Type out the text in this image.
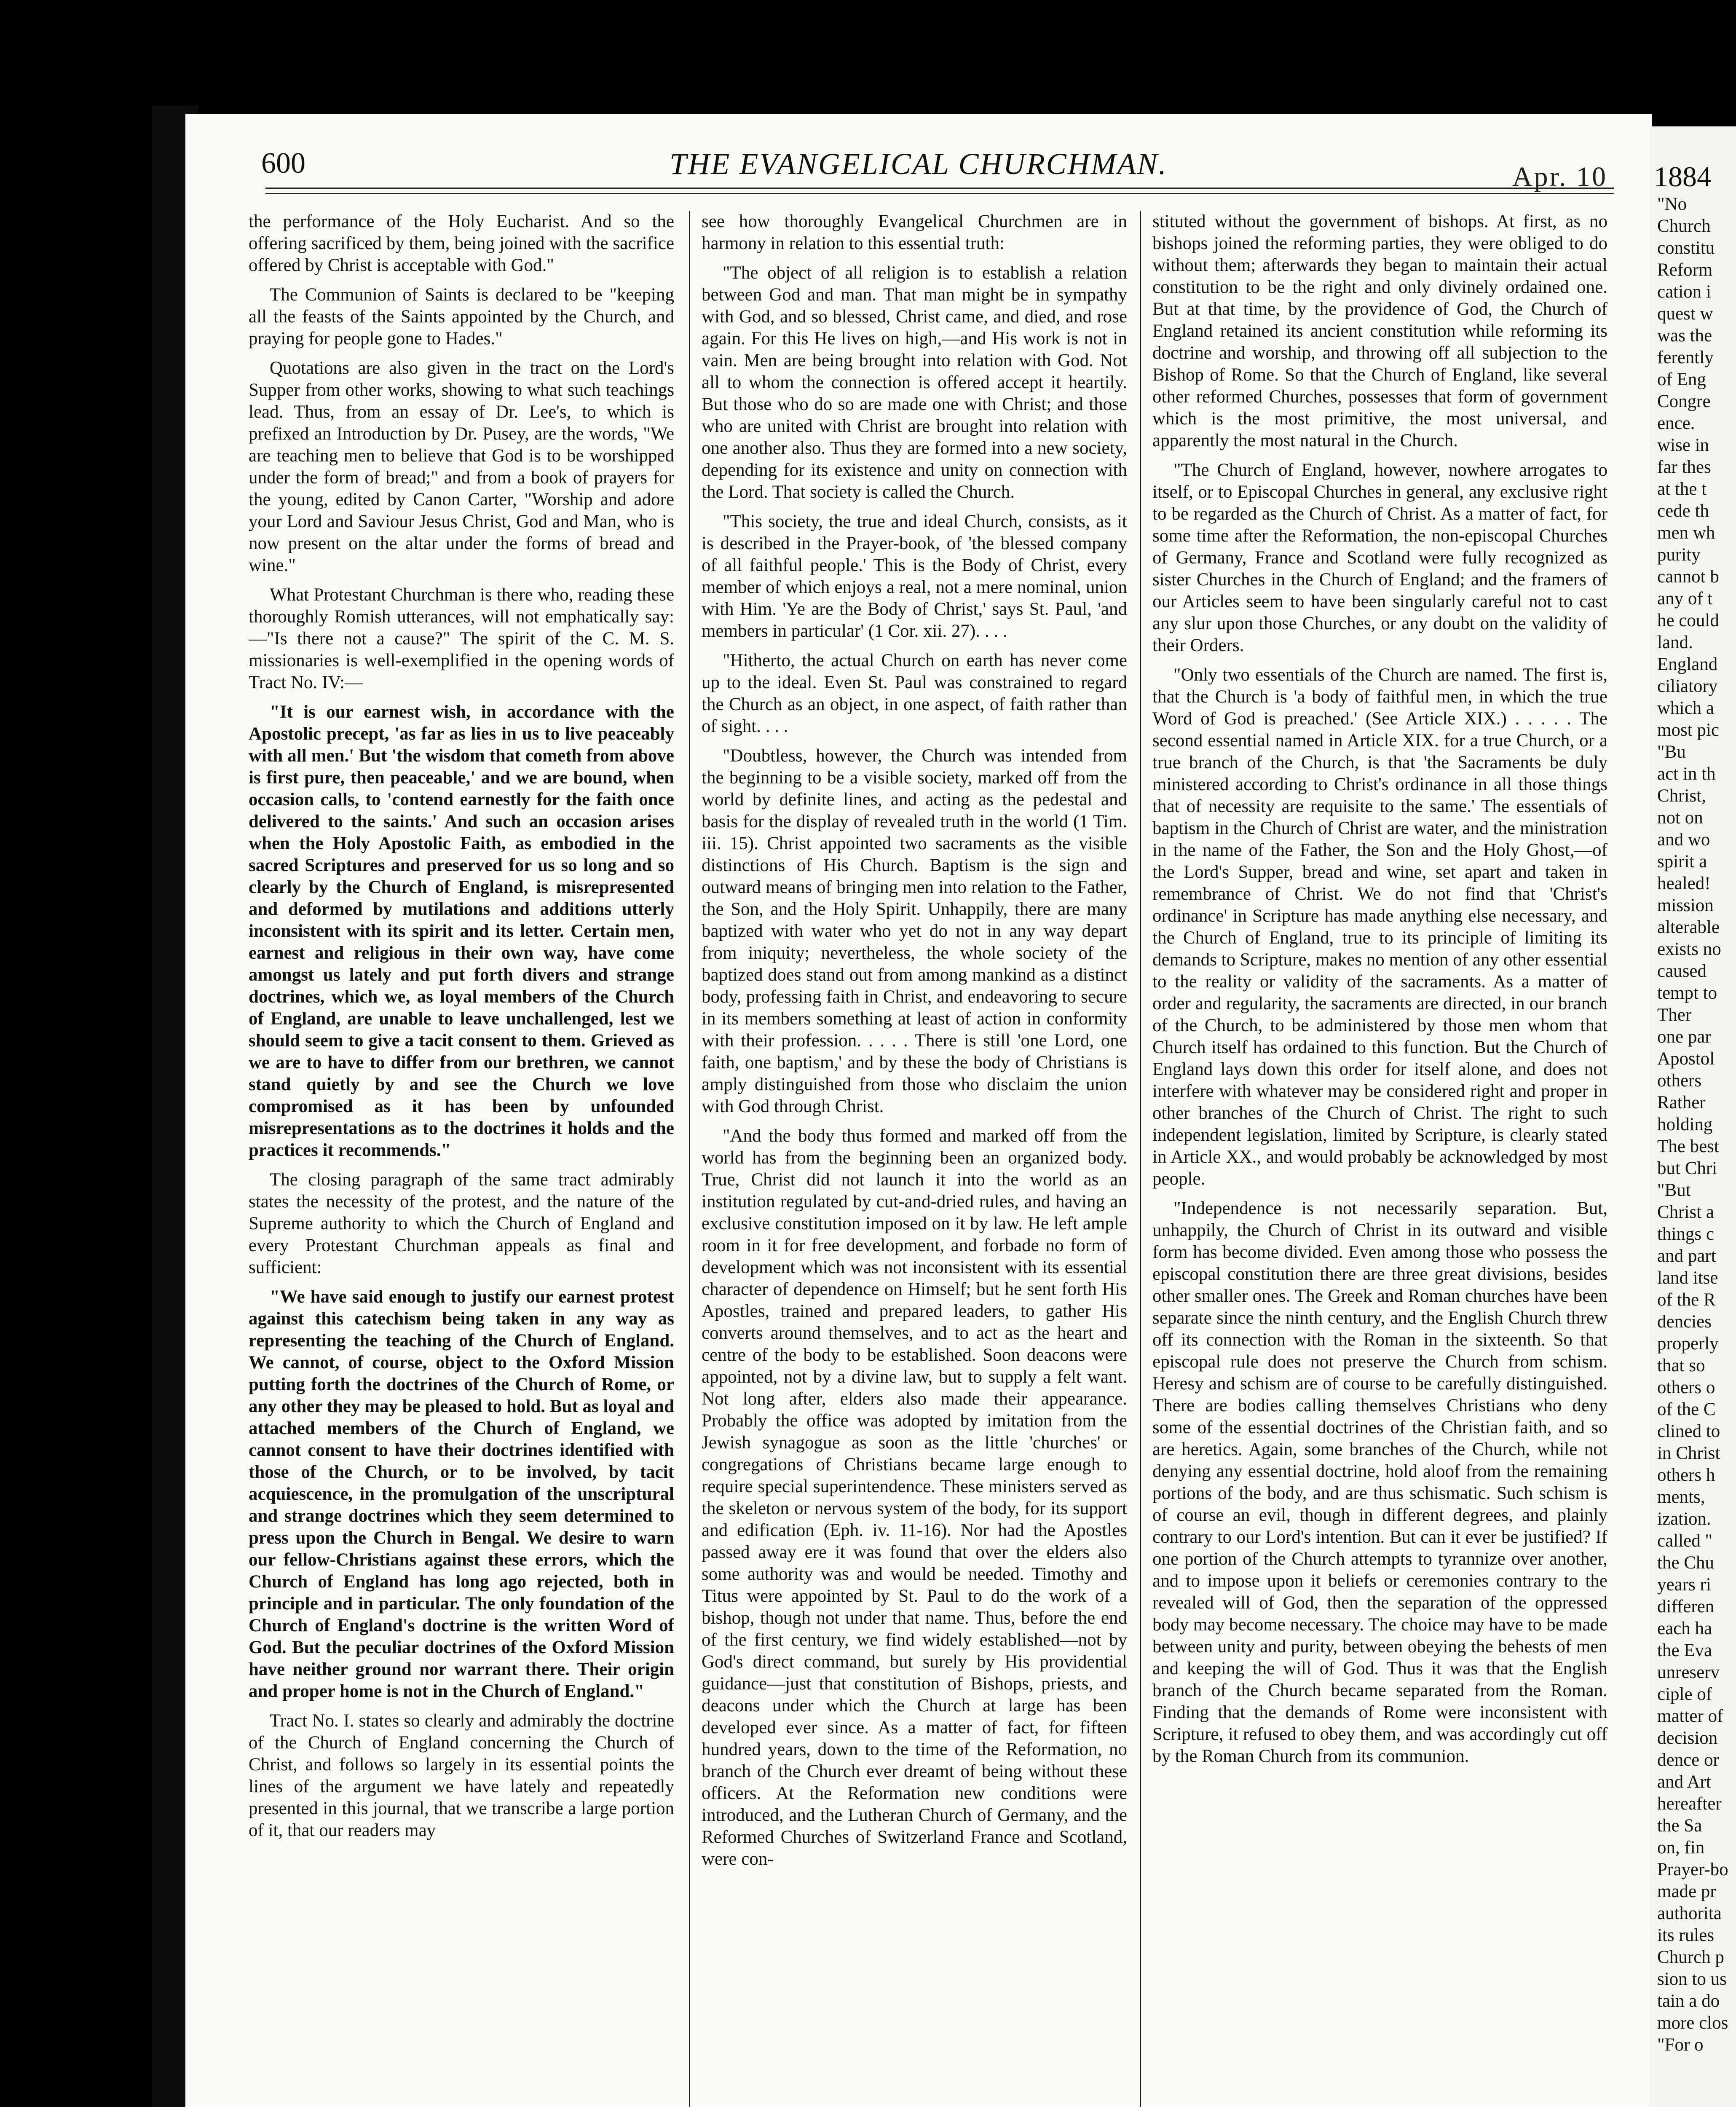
600	THE EVANGELICAL CHURCHMAN.	Apr. 10

the performance of the Holy Eucharist. And so the offering sacrificed by them, being joined with the sacrifice offered by Christ is acceptable with God."

The Communion of Saints is declared to be "keeping all the feasts of the Saints appointed by the Church, and praying for people gone to Hades."

Quotations are also given in the tract on the Lord's Supper from other works, showing to what such teachings lead. Thus, from an essay of Dr. Lee's, to which is prefixed an Introduction by Dr. Pusey, are the words, "We are teaching men to believe that God is to be worshipped under the form of bread;" and from a book of prayers for the young, edited by Canon Carter, "Worship and adore your Lord and Saviour Jesus Christ, God and Man, who is now present on the altar under the forms of bread and wine."

What Protestant Churchman is there who, reading these thoroughly Romish utterances, will not emphatically say:—"Is there not a cause?" The spirit of the C. M. S. missionaries is well-exemplified in the opening words of Tract No. IV:—

"It is our earnest wish, in accordance with the Apostolic precept, 'as far as lies in us to live peaceably with all men.' But 'the wisdom that cometh from above is first pure, then peaceable,' and we are bound, when occasion calls, to 'contend earnestly for the faith once delivered to the saints.' And such an occasion arises when the Holy Apostolic Faith, as embodied in the sacred Scriptures and preserved for us so long and so clearly by the Church of England, is misrepresented and deformed by mutilations and additions utterly inconsistent with its spirit and its letter. Certain men, earnest and religious in their own way, have come amongst us lately and put forth divers and strange doctrines, which we, as loyal members of the Church of England, are unable to leave unchallenged, lest we should seem to give a tacit consent to them. Grieved as we are to have to differ from our brethren, we cannot stand quietly by and see the Church we love compromised as it has been by unfounded misrepresentations as to the doctrines it holds and the practices it recommends."

The closing paragraph of the same tract admirably states the necessity of the protest, and the nature of the Supreme authority to which the Church of England and every Protestant Churchman appeals as final and sufficient:

"We have said enough to justify our earnest protest against this catechism being taken in any way as representing the teaching of the Church of England. We cannot, of course, object to the Oxford Mission putting forth the doctrines of the Church of Rome, or any other they may be pleased to hold. But as loyal and attached members of the Church of England, we cannot consent to have their doctrines identified with those of the Church, or to be involved, by tacit acquiescence, in the promulgation of the unscriptural and strange doctrines which they seem determined to press upon the Church in Bengal. We desire to warn our fellow-Christians against these errors, which the Church of England has long ago rejected, both in principle and in particular. The only foundation of the Church of England's doctrine is the written Word of God. But the peculiar doctrines of the Oxford Mission have neither ground nor warrant there. Their origin and proper home is not in the Church of England."

Tract No. I. states so clearly and admirably the doctrine of the Church of England concerning the Church of Christ, and follows so largely in its essential points the lines of the argument we have lately and repeatedly presented in this journal, that we transcribe a large portion of it, that our readers may

see how thoroughly Evangelical Churchmen are in harmony in relation to this essential truth:

"The object of all religion is to establish a relation between God and man. That man might be in sympathy with God, and so blessed, Christ came, and died, and rose again. For this He lives on high,—and His work is not in vain. Men are being brought into relation with God. Not all to whom the connection is offered accept it heartily. But those who do so are made one with Christ; and those who are united with Christ are brought into relation with one another also. Thus they are formed into a new society, depending for its existence and unity on connection with the Lord. That society is called the Church.

"This society, the true and ideal Church, consists, as it is described in the Prayer-book, of 'the blessed company of all faithful people.' This is the Body of Christ, every member of which enjoys a real, not a mere nominal, union with Him. 'Ye are the Body of Christ,' says St. Paul, 'and members in particular' (1 Cor. xii. 27). . . .

"Hitherto, the actual Church on earth has never come up to the ideal. Even St. Paul was constrained to regard the Church as an object, in one aspect, of faith rather than of sight. . . .

"Doubtless, however, the Church was intended from the beginning to be a visible society, marked off from the world by definite lines, and acting as the pedestal and basis for the display of revealed truth in the world (1 Tim. iii. 15). Christ appointed two sacraments as the visible distinctions of His Church. Baptism is the sign and outward means of bringing men into relation to the Father, the Son, and the Holy Spirit. Unhappily, there are many baptized with water who yet do not in any way depart from iniquity; nevertheless, the whole society of the baptized does stand out from among mankind as a distinct body, professing faith in Christ, and endeavoring to secure in its members something at least of action in conformity with their profession. . . . . There is still 'one Lord, one faith, one baptism,' and by these the body of Christians is amply distinguished from those who disclaim the union with God through Christ.

"And the body thus formed and marked off from the world has from the beginning been an organized body. True, Christ did not launch it into the world as an institution regulated by cut-and-dried rules, and having an exclusive constitution imposed on it by law. He left ample room in it for free development, and forbade no form of development which was not inconsistent with its essential character of dependence on Himself; but he sent forth His Apostles, trained and prepared leaders, to gather His converts around themselves, and to act as the heart and centre of the body to be established. Soon deacons were appointed, not by a divine law, but to supply a felt want. Not long after, elders also made their appearance. Probably the office was adopted by imitation from the Jewish synagogue as soon as the little 'churches' or congregations of Christians became large enough to require special superintendence. These ministers served as the skeleton or nervous system of the body, for its support and edification (Eph. iv. 11-16). Nor had the Apostles passed away ere it was found that over the elders also some authority was and would be needed. Timothy and Titus were appointed by St. Paul to do the work of a bishop, though not under that name. Thus, before the end of the first century, we find widely established—not by God's direct command, but surely by His providential guidance—just that constitution of Bishops, priests, and deacons under which the Church at large has been developed ever since. As a matter of fact, for fifteen hundred years, down to the time of the Reformation, no branch of the Church ever dreamt of being without these officers. At the Reformation new conditions were introduced, and the Lutheran Church of Germany, and the Reformed Churches of Switzerland France and Scotland, were con-

stituted without the government of bishops. At first, as no bishops joined the reforming parties, they were obliged to do without them; afterwards they began to maintain their actual constitution to be the right and only divinely ordained one. But at that time, by the providence of God, the Church of England retained its ancient constitution while reforming its doctrine and worship, and throwing off all subjection to the Bishop of Rome. So that the Church of England, like several other reformed Churches, possesses that form of government which is the most primitive, the most universal, and apparently the most natural in the Church.

"The Church of England, however, nowhere arrogates to itself, or to Episcopal Churches in general, any exclusive right to be regarded as the Church of Christ. As a matter of fact, for some time after the Reformation, the non-episcopal Churches of Germany, France and Scotland were fully recognized as sister Churches in the Church of England; and the framers of our Articles seem to have been singularly careful not to cast any slur upon those Churches, or any doubt on the validity of their Orders.

"Only two essentials of the Church are named. The first is, that the Church is 'a body of faithful men, in which the true Word of God is preached.' (See Article XIX.) . . . . . The second essential named in Article XIX. for a true Church, or a true branch of the Church, is that 'the Sacraments be duly ministered according to Christ's ordinance in all those things that of necessity are requisite to the same.' The essentials of baptism in the Church of Christ are water, and the ministration in the name of the Father, the Son and the Holy Ghost,—of the Lord's Supper, bread and wine, set apart and taken in remembrance of Christ. We do not find that 'Christ's ordinance' in Scripture has made anything else necessary, and the Church of England, true to its principle of limiting its demands to Scripture, makes no mention of any other essential to the reality or validity of the sacraments. As a matter of order and regularity, the sacraments are directed, in our branch of the Church, to be administered by those men whom that Church itself has ordained to this function. But the Church of England lays down this order for itself alone, and does not interfere with whatever may be considered right and proper in other branches of the Church of Christ. The right to such independent legislation, limited by Scripture, is clearly stated in Article XX., and would probably be acknowledged by most people.

"Independence is not necessarily separation. But, unhappily, the Church of Christ in its outward and visible form has become divided. Even among those who possess the episcopal constitution there are three great divisions, besides other smaller ones. The Greek and Roman churches have been separate since the ninth century, and the English Church threw off its connection with the Roman in the sixteenth. So that episcopal rule does not preserve the Church from schism. Heresy and schism are of course to be carefully distinguished. There are bodies calling themselves Christians who deny some of the essential doctrines of the Christian faith, and so are heretics. Again, some branches of the Church, while not denying any essential doctrine, hold aloof from the remaining portions of the body, and are thus schismatic. Such schism is of course an evil, though in different degrees, and plainly contrary to our Lord's intention. But can it ever be justified? If one portion of the Church attempts to tyrannize over another, and to impose upon it beliefs or ceremonies contrary to the revealed will of God, then the separation of the oppressed body may become necessary. The choice may have to be made between unity and purity, between obeying the behests of men and keeping the will of God. Thus it was that the English branch of the Church became separated from the Roman. Finding that the demands of Rome were inconsistent with Scripture, it refused to obey them, and was accordingly cut off by the Roman Church from its communion.

1884

"No

Church

constitu

Reform

cation i

quest w

was the

ferently

of Eng

Congre

ence.

wise in

far thes

at the t

cede th

men wh

purity

cannot b

any of t

he could

land.

England

ciliatory

which a

most pic

"Bu

act in th

Christ,

not on

and wo

spirit a

healed!

mission

alterable

exists no

caused

tempt to

Ther

one par

Apostol

others

Rather

holding

The best

but Chri

"But

Christ a

things c

and part

land itse

of the R

dencies

properly

that so

others o

of the C

clined to

in Christ

others h

ments,

ization.

called "

the Chu

years ri

differen

each ha

the Eva

unreserv

ciple of

matter of

decision

dence or

and Art

hereafter

the Sa

on, fin

Prayer-bo

made pr

authorita

its rules

Church p

sion to us

tain a do

more clos

"For o
